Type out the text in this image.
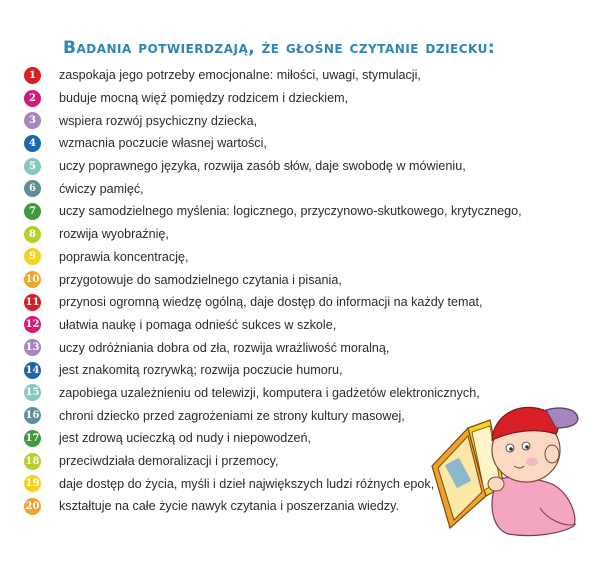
Badania potwierdzają, że głośne czytanie dziecku:
1	zaspokaja jego potrzeby emocjonalne: miłości, uwagi, stymulacji,
2	buduje mocną więź pomiędzy rodzicem i dzieckiem,
3	wspiera rozwój psychiczny dziecka,
4	wzmacnia poczucie własnej wartości,
5	uczy poprawnego języka, rozwija zasób słów, daje swobodę w mówieniu,
6	ćwiczy pamięć,
7	uczy samodzielnego myślenia: logicznego, przyczynowo-skutkowego, krytycznego,
8	rozwija wyobraźnię,
9	poprawia koncentrację,
10 przygotowuje do samodzielnego czytania i pisania,
11 przynosi ogromną wiedzę ogólną, daje dostęp do informacji na każdy temat,
12 ułatwia naukę i pomaga odnieść sukces w szkole,
13 uczy odróżniania dobra od zła, rozwija wrażliwość moralną,
14 jest znakomitą rozrywką; rozwija poczucie humoru,
15 zapobiega uzależnieniu od telewizji, komputera i gadżetów elektronicznych,
16 chroni dziecko przed zagrożeniami ze strony kultury masowej,
17 jest zdrową ucieczką od nudy i niepowodzeń,
18 przeciwdziała demoralizacji i przemocy,
19 daje dostęp do życia, myśli i dzieł największych ludzi różnych epok,
20 kształtuje na całe życie nawyk czytania i poszerzania wiedzy.
